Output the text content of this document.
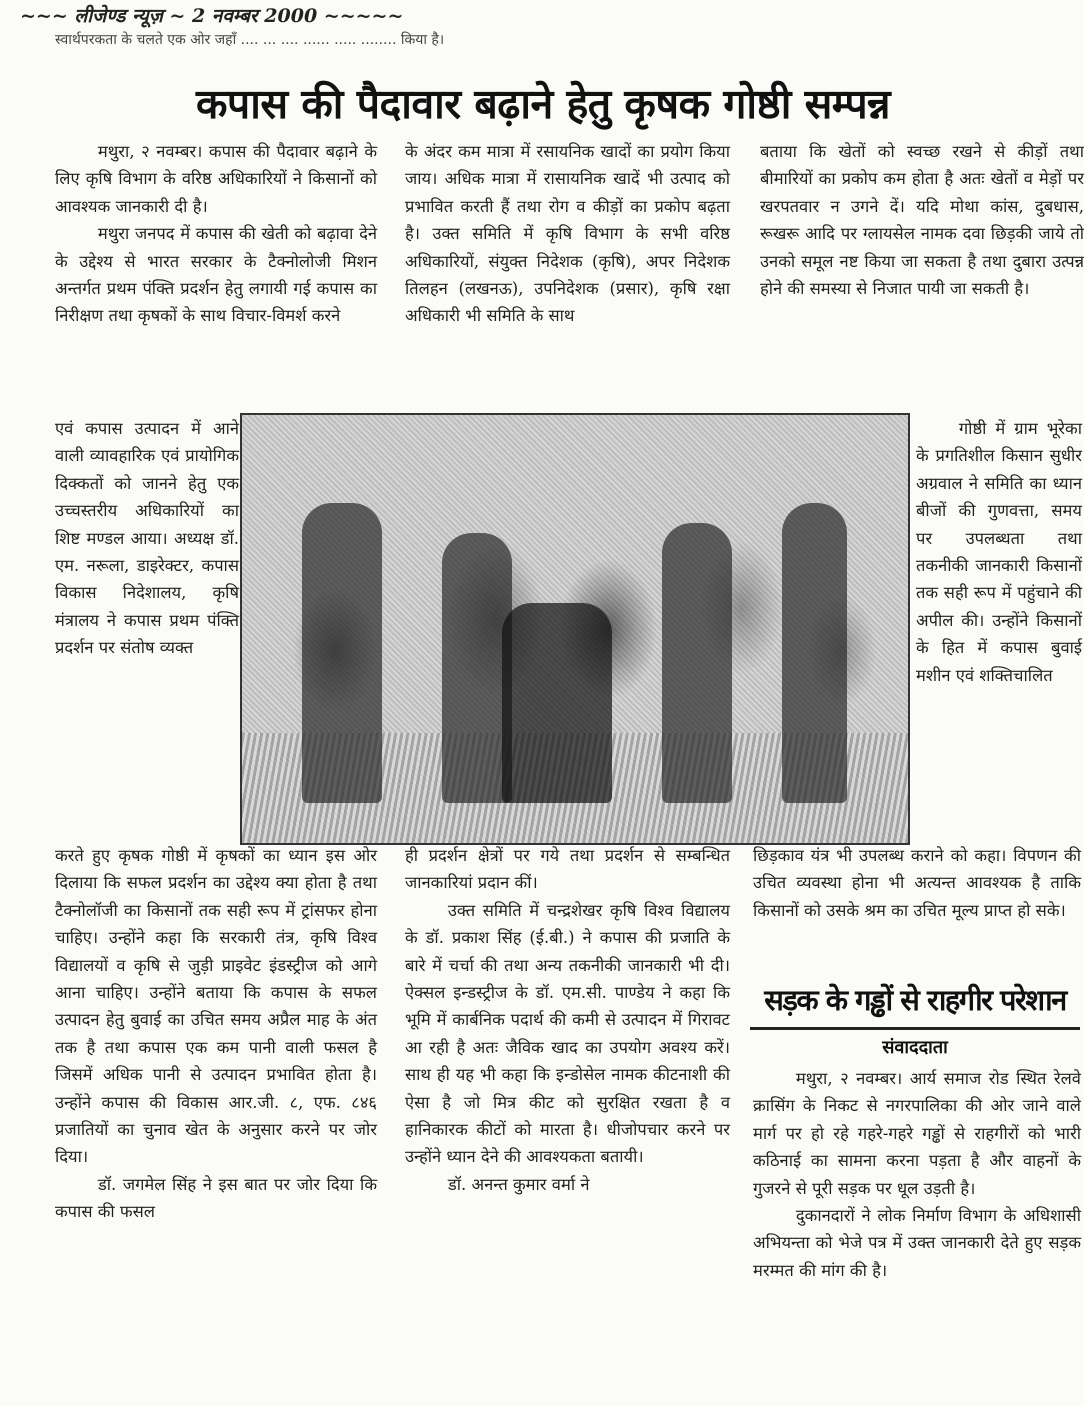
~~~ लीजेण्ड न्यूज़ ~ 2 नवम्बर 2000 ~~~~~
स्वार्थपरकता के चलते एक ओर जहाँ .... ... .... ...... ..... ........ किया है।
कपास की पैदावार बढ़ाने हेतु कृषक गोष्ठी सम्पन्न

मथुरा, २ नवम्बर। कपास की पैदावार बढ़ाने के लिए कृषि विभाग के वरिष्ठ अधिकारियों ने किसानों को आवश्यक जानकारी दी है।

मथुरा जनपद में कपास की खेती को बढ़ावा देने के उद्देश्य से भारत सरकार के टैक्नोलोजी मिशन अन्तर्गत प्रथम पंक्ति प्रदर्शन हेतु लगायी गई कपास का निरीक्षण तथा कृषकों के साथ विचार-विमर्श करने

एवं कपास उत्पादन में आने वाली व्यावहारिक एवं प्रायोगिक दिक्कतों को जानने हेतु एक उच्चस्तरीय अधिकारियों का शिष्ट मण्डल आया। अध्यक्ष डॉ. एम. नरूला, डाइरेक्टर, कपास विकास निदेशालय, कृषि मंत्रालय ने कपास प्रथम पंक्ति प्रदर्शन पर संतोष व्यक्त

करते हुए कृषक गोष्ठी में कृषकों का ध्यान इस ओर दिलाया कि सफल प्रदर्शन का उद्देश्य क्या होता है तथा टैक्नोलॉजी का किसानों तक सही रूप में ट्रांसफर होना चाहिए। उन्होंने कहा कि सरकारी तंत्र, कृषि विश्व विद्यालयों व कृषि से जुड़ी प्राइवेट इंडस्ट्रीज को आगे आना चाहिए। उन्होंने बताया कि कपास के सफल उत्पादन हेतु बुवाई का उचित समय अप्रैल माह के अंत तक है तथा कपास एक कम पानी वाली फसल है जिसमें अधिक पानी से उत्पादन प्रभावित होता है। उन्होंने कपास की विकास आर.जी. ८, एफ. ८४६ प्रजातियों का चुनाव खेत के अनुसार करने पर जोर दिया।

डॉ. जगमेल सिंह ने इस बात पर जोर दिया कि कपास की फसल

के अंदर कम मात्रा में रसायनिक खादों का प्रयोग किया जाय। अधिक मात्रा में रासायनिक खादें भी उत्पाद को प्रभावित करती हैं तथा रोग व कीड़ों का प्रकोप बढ़ता है। उक्त समिति में कृषि विभाग के सभी वरिष्ठ अधिकारियों, संयुक्त निदेशक (कृषि), अपर निदेशक तिलहन (लखनऊ), उपनिदेशक (प्रसार), कृषि रक्षा अधिकारी भी समिति के साथ

ही प्रदर्शन क्षेत्रों पर गये तथा प्रदर्शन से सम्बन्धित जानकारियां प्रदान कीं।

उक्त समिति में चन्द्रशेखर कृषि विश्व विद्यालय के डॉ. प्रकाश सिंह (ई.बी.) ने कपास की प्रजाति के बारे में चर्चा की तथा अन्य तकनीकी जानकारी भी दी। ऐक्सल इन्डस्ट्रीज के डॉ. एम.सी. पाण्डेय ने कहा कि भूमि में कार्बनिक पदार्थ की कमी से उत्पादन में गिरावट आ रही है अतः जैविक खाद का उपयोग अवश्य करें। साथ ही यह भी कहा कि इन्डोसेल नामक कीटनाशी की ऐसा है जो मित्र कीट को सुरक्षित रखता है व हानिकारक कीटों को मारता है। धीजोपचार करने पर उन्होंने ध्यान देने की आवश्यकता बतायी।

डॉ. अनन्त कुमार वर्मा ने

बताया कि खेतों को स्वच्छ रखने से कीड़ों तथा बीमारियों का प्रकोप कम होता है अतः खेतों व मेड़ों पर खरपतवार न उगने दें। यदि मोथा कांस, दुबधास, रूखरू आदि पर ग्लायसेल नामक दवा छिड़की जाये तो उनको समूल नष्ट किया जा सकता है तथा दुबारा उत्पन्न होने की समस्या से निजात पायी जा सकती है।

गोष्ठी में ग्राम भूरेका के प्रगतिशील किसान सुधीर अग्रवाल ने समिति का ध्यान बीजों की गुणवत्ता, समय पर उपलब्धता तथा तकनीकी जानकारी किसानों तक सही रूप में पहुंचाने की अपील की। उन्होंने किसानों के हित में कपास बुवाई मशीन एवं शक्तिचालित

छिड़काव यंत्र भी उपलब्ध कराने को कहा। विपणन की उचित व्यवस्था होना भी अत्यन्त आवश्यक है ताकि किसानों को उसके श्रम का उचित मूल्य प्राप्त हो सके।

सड़क के गड्ढों से राहगीर परेशान
संवाददाता

मथुरा, २ नवम्बर। आर्य समाज रोड स्थित रेलवे क्रासिंग के निकट से नगरपालिका की ओर जाने वाले मार्ग पर हो रहे गहरे-गहरे गड्ढों से राहगीरों को भारी कठिनाई का सामना करना पड़ता है और वाहनों के गुजरने से पूरी सड़क पर धूल उड़ती है।

दुकानदारों ने लोक निर्माण विभाग के अधिशासी अभियन्ता को भेजे पत्र में उक्त जानकारी देते हुए सड़क मरम्मत की मांग की है।
